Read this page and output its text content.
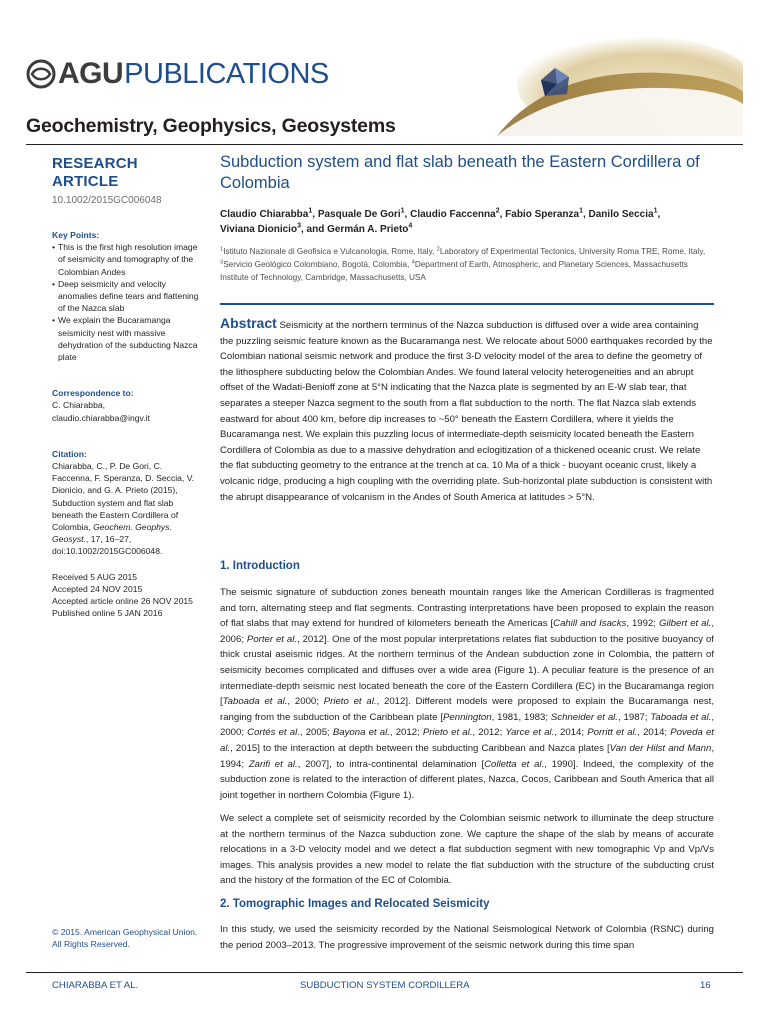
AGU PUBLICATIONS
Geochemistry, Geophysics, Geosystems
RESEARCH ARTICLE
10.1002/2015GC006048
Key Points:
• This is the first high resolution image of seismicity and tomography of the Colombian Andes
• Deep seismicity and velocity anomalies define tears and flattening of the Nazca slab
• We explain the Bucaramanga seismicity nest with massive dehydration of the subducting Nazca plate
Correspondence to:
C. Chiarabba,
claudio.chiarabba@ingv.it
Citation:
Chiarabba, C., P. De Gori, C. Faccenna, F. Speranza, D. Seccia, V. Dionicio, and G. A. Prieto (2015), Subduction system and flat slab beneath the Eastern Cordillera of Colombia, Geochem. Geophys. Geosyst., 17, 16–27, doi:10.1002/2015GC006048.
Received 5 AUG 2015
Accepted 24 NOV 2015
Accepted article online 26 NOV 2015
Published online 5 JAN 2016
© 2015. American Geophysical Union.
All Rights Reserved.
Subduction system and flat slab beneath the Eastern Cordillera of Colombia
Claudio Chiarabba$^1$, Pasquale De Gori$^1$, Claudio Faccenna$^2$, Fabio Speranza$^1$, Danilo Seccia$^1$,
Viviana Dionicio$^3$, and Germán A. Prieto$^4$
$^1$Istituto Nazionale di Geofisica e Vulcanologia, Rome, Italy, $^2$Laboratory of Experimental Tectonics, University Roma TRE, Rome, Italy, $^3$Servicio Geológico Colombiano, Bogotá, Colombia, $^4$Department of Earth, Atmospheric, and Planetary Sciences, Massachusetts Institute of Technology, Cambridge, Massachusetts, USA
Abstract Seismicity at the northern terminus of the Nazca subduction is diffused over a wide area containing the puzzling seismic feature known as the Bucaramanga nest. We relocate about 5000 earthquakes recorded by the Colombian national seismic network and produce the first 3-D velocity model of the area to define the geometry of the lithosphere subducting below the Colombian Andes. We found lateral velocity heterogeneities and an abrupt offset of the Wadati-Benioff zone at 5°N indicating that the Nazca plate is segmented by an E-W slab tear, that separates a steeper Nazca segment to the south from a flat subduction to the north. The flat Nazca slab extends eastward for about 400 km, before dip increases to ~50° beneath the Eastern Cordillera, where it yields the Bucaramanga nest. We explain this puzzling locus of intermediate-depth seismicity located beneath the Eastern Cordillera of Colombia as due to a massive dehydration and eclogitization of a thickened oceanic crust. We relate the flat subducting geometry to the entrance at the trench at ca. 10 Ma of a thick - buoyant oceanic crust, likely a volcanic ridge, producing a high coupling with the overriding plate. Sub-horizontal plate subduction is consistent with the abrupt disappearance of volcanism in the Andes of South America at latitudes > 5°N.
1. Introduction

The seismic signature of subduction zones beneath mountain ranges like the American Cordilleras is fragmented and torn, alternating steep and flat segments. Contrasting interpretations have been proposed to explain the reason of flat slabs that may extend for hundred of kilometers beneath the Americas [Cahill and Isacks, 1992; Gilbert et al., 2006; Porter et al., 2012]. One of the most popular interpretations relates flat subduction to the positive buoyancy of thick crustal aseismic ridges. At the northern terminus of the Andean subduction zone in Colombia, the pattern of seismicity becomes complicated and diffuses over a wide area (Figure 1). A peculiar feature is the presence of an intermediate-depth seismic nest located beneath the core of the Eastern Cordillera (EC) in the Bucaramanga region [Taboada et al., 2000; Prieto et al., 2012]. Different models were proposed to explain the Bucaramanga nest, ranging from the subduction of the Caribbean plate [Pennington, 1981, 1983; Schneider et al., 1987; Taboada et al., 2000; Cortés et al., 2005; Bayona et al., 2012; Prieto et al., 2012; Yarce et al., 2014; Porritt et al., 2014; Poveda et al., 2015] to the interaction at depth between the subducting Caribbean and Nazca plates [Van der Hilst and Mann, 1994; Zarifi et al., 2007], to intra-continental delamination [Colletta et al., 1990]. Indeed, the complexity of the subduction zone is related to the interaction of different plates, Nazca, Cocos, Caribbean and South America that all joint together in northern Colombia (Figure 1).

We select a complete set of seismicity recorded by the Colombian seismic network to illuminate the deep structure at the northern terminus of the Nazca subduction zone. We capture the shape of the slab by means of accurate relocations in a 3-D velocity model and we detect a flat subduction segment with new tomographic Vp and Vp/Vs images. This analysis provides a new model to relate the flat subduction with the structure of the subducting crust and the history of the formation of the EC of Colombia.

2. Tomographic Images and Relocated Seismicity
In this study, we used the seismicity recorded by the National Seismological Network of Colombia (RSNC) during the period 2003–2013. The progressive improvement of the seismic network during this time span
CHIARABBA ET AL.	SUBDUCTION SYSTEM CORDILLERA	16
